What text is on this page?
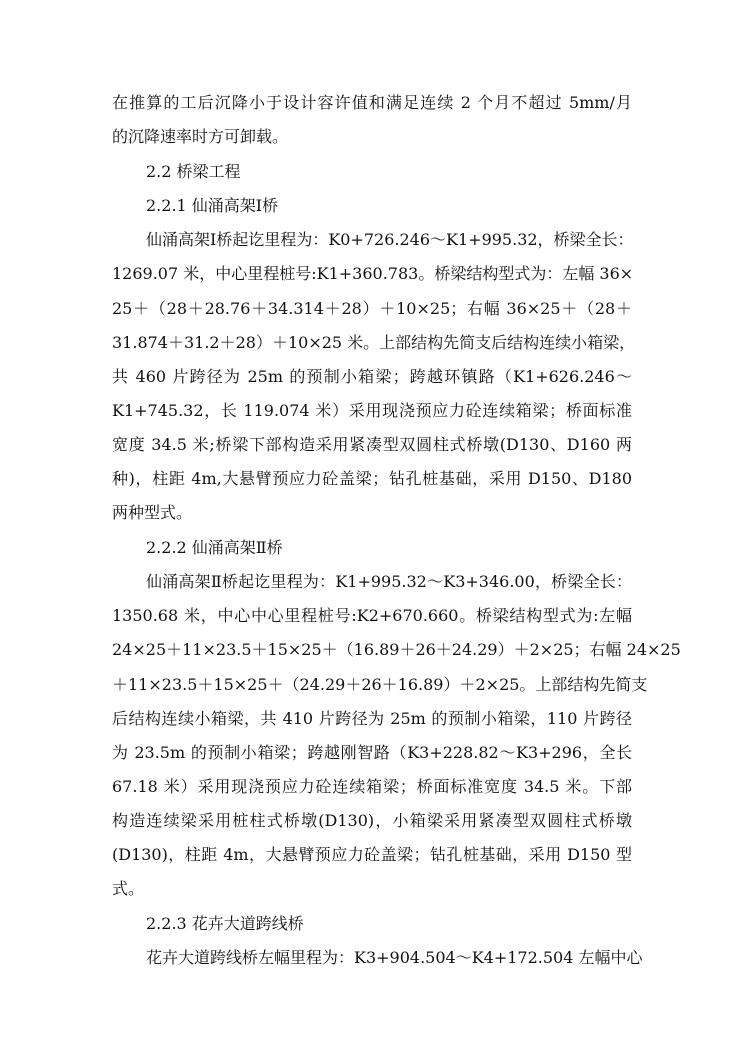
在推算的工后沉降小于设计容许值和满足连续 2 个月不超过 5mm/月
的沉降速率时方可卸载。
2.2 桥梁工程
2.2.1 仙涌高架Ⅰ桥
仙涌高架Ⅰ桥起讫里程为：K0+726.246～K1+995.32，桥梁全长：
1269.07 米，中心里程桩号:K1+360.783。桥梁结构型式为：左幅 36×
25＋（28＋28.76＋34.314＋28）＋10×25；右幅 36×25＋（28＋
31.874＋31.2＋28）＋10×25 米。上部结构先简支后结构连续小箱梁，
共 460 片跨径为 25m 的预制小箱梁；跨越环镇路（K1+626.246～
K1+745.32，长 119.074 米）采用现浇预应力砼连续箱梁；桥面标准
宽度 34.5 米;桥梁下部构造采用紧凑型双圆柱式桥墩(D130、D160 两
种)，柱距 4m,大悬臂预应力砼盖梁；钻孔桩基础，采用 D150、D180
两种型式。
2.2.2 仙涌高架Ⅱ桥
仙涌高架Ⅱ桥起讫里程为：K1+995.32～K3+346.00，桥梁全长：
1350.68 米，中心中心里程桩号:K2+670.660。桥梁结构型式为:左幅
24×25＋11×23.5＋15×25＋（16.89＋26＋24.29）＋2×25；右幅 24×25
＋11×23.5＋15×25＋（24.29＋26＋16.89）＋2×25。上部结构先简支
后结构连续小箱梁，共 410 片跨径为 25m 的预制小箱梁，110 片跨径
为 23.5m 的预制小箱梁；跨越刚智路（K3+228.82～K3+296，全长
67.18 米）采用现浇预应力砼连续箱梁；桥面标准宽度 34.5 米。下部
构造连续梁采用桩柱式桥墩(D130)，小箱梁采用紧凑型双圆柱式桥墩
(D130)，柱距 4m，大悬臂预应力砼盖梁；钻孔桩基础，采用 D150 型
式。
2.2.3 花卉大道跨线桥
花卉大道跨线桥左幅里程为：K3+904.504～K4+172.504 左幅中心
